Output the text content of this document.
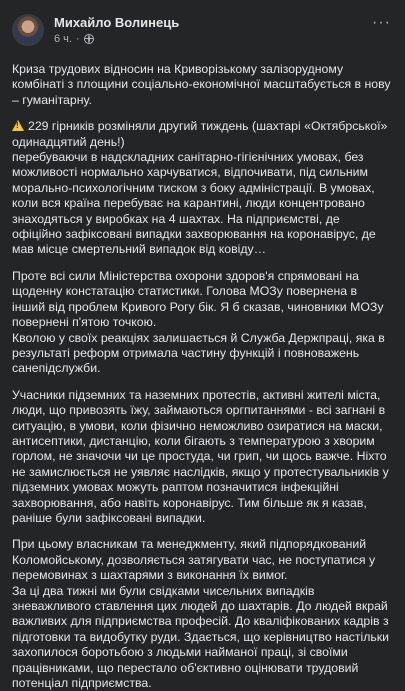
Михайло Волинець
6 ч. ·
···

Криза трудових відносин на Криворізькому залізорудному комбінаті з площини соціально-економічної масштабується в нову – гуманітарну.

!229 гірників розміняли другий тиждень (шахтарі «Октябрської» одинадцятий день!)

перебуваючи в надскладних санітарно-гігієнічних умовах, без можливості нормально харчуватися, відпочивати, під сильним морально-психологічним тиском з боку адміністрації. В умовах, коли вся країна перебуває на карантині, люди концентровано знаходяться у виробках на 4 шахтах. На підприємстві, де офіційно зафіксовані випадки захворювання на коронавірус, де мав місце смертельний випадок від ковіду…

Проте всі сили Міністерства охорони здоров'я спрямовані на щоденну констатацію статистики. Голова МОЗу повернена в інший від проблем Кривого Рогу бік. Я б сказав, чиновники МОЗу повернені п'ятою точкою.

Кволою у своїх реакціях залишається й Служба Держпраці, яка в результаті реформ отримала частину функцій і повноважень санепідслужби.

Учасники підземних та наземних протестів, активні жителі міста, люди, що привозять їжу, займаються оргпитаннями - всі загнані в ситуацію, в умови, коли фізично неможливо озиратися на маски, антисептики, дистанцію, коли бігають з температурою з хворим горлом, не значочи чи це простуда, чи грип, чи щось важче. Ніхто не замислюється не уявляє наслідків, якщо у протестувальників у підземних умовах можуть раптом позначитися інфекційні захворювання, або навіть коронавірус. Тим більше як я казав, раніше були зафіксовані випадки.

При цьому власникам та менеджменту, який підпорядкований Коломойському, дозволяється затягувати час, не поступатися у перемовинах з шахтарями з виконання їх вимог.

За ці два тижні ми були свідками чисельних випадків зневажливого ставлення цих людей до шахтарів. До людей вкрай важливих для підприємства професій. До кваліфікованих кадрів з підготовки та видобутку руди. Здається, що керівництво настільки захопилося боротьбою з людьми найманої праці, зі своїми працівниками, що перестало об'єктивно оцінювати трудовий потенціал підприємства.
